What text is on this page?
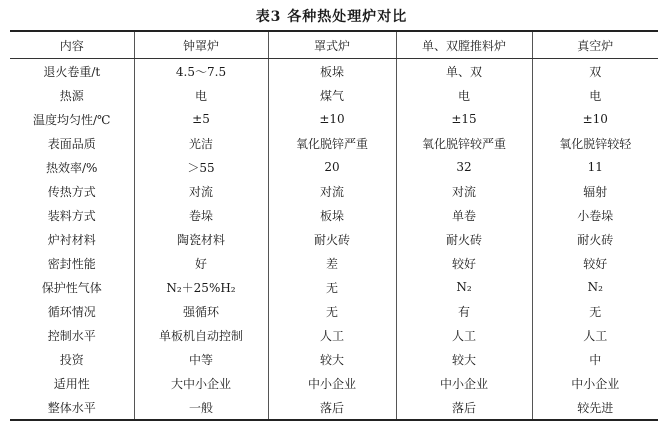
表3 各种热处理炉对比
内容	钟罩炉	罩式炉	单、双膛推料炉	真空炉
退火卷重/t	4.5～7.5	板垛	单、双	双
热源	电	煤气	电	电
温度均匀性/℃	±5	±10	±15	±10
表面品质	光洁	氧化脱锌严重	氧化脱锌较严重	氧化脱锌较轻
热效率/%	＞55	20	32	11
传热方式	对流	对流	对流	辐射
装料方式	卷垛	板垛	单卷	小卷垛
炉衬材料	陶瓷材料	耐火砖	耐火砖	耐火砖
密封性能	好	差	较好	较好
保护性气体	N₂＋25%H₂	无	N₂	N₂
循环情况	强循环	无	有	无
控制水平	单板机自动控制	人工	人工	人工
投资	中等	较大	较大	中
适用性	大中小企业	中小企业	中小企业	中小企业
整体水平	一般	落后	落后	较先进
